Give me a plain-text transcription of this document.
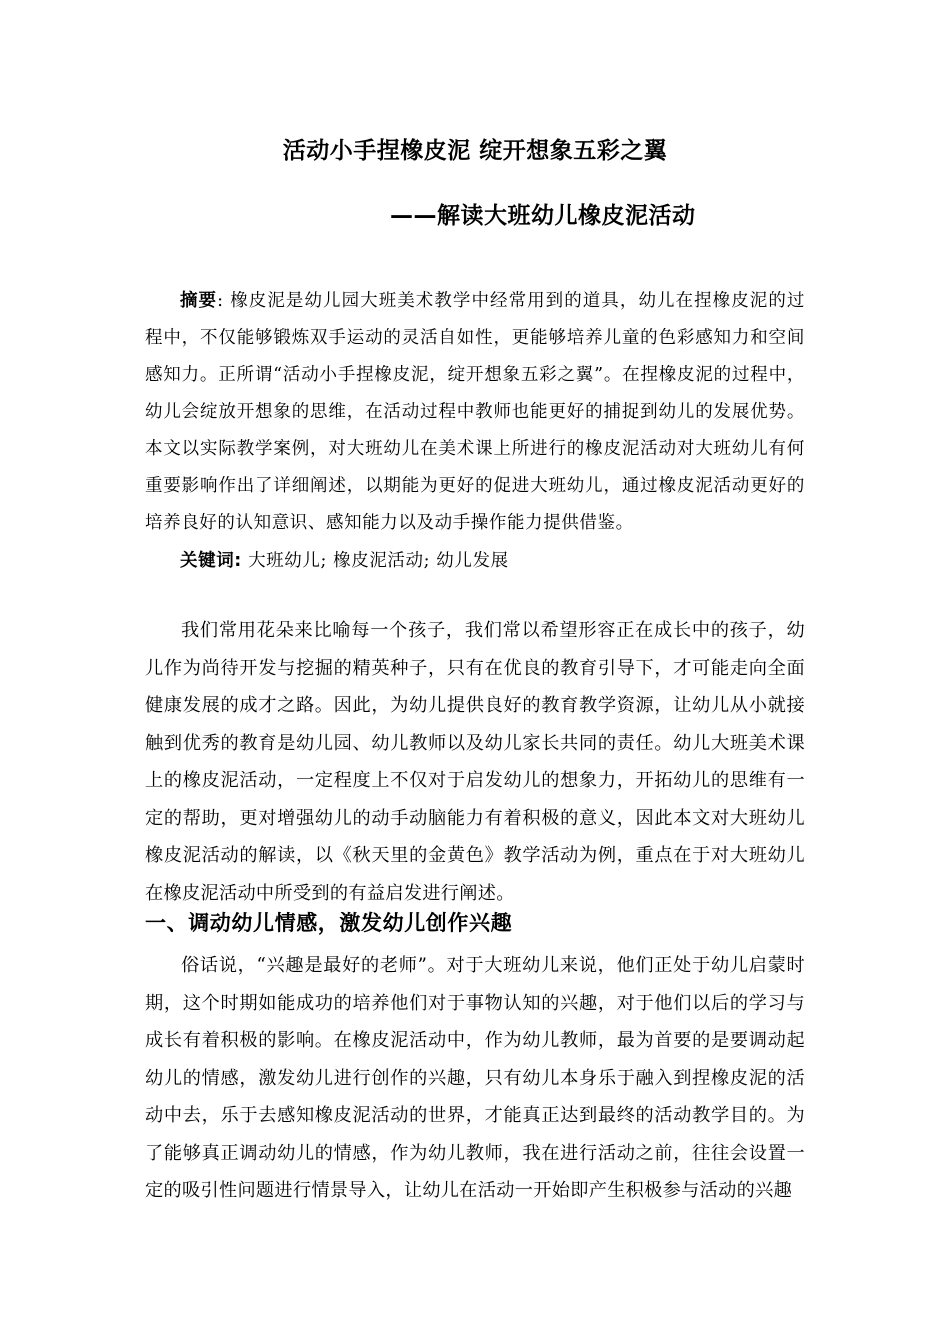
活动小手捏橡皮泥 绽开想象五彩之翼
——解读大班幼儿橡皮泥活动
摘要: 橡皮泥是幼儿园大班美术教学中经常用到的道具，幼儿在捏橡皮泥的过程中，不仅能够锻炼双手运动的灵活自如性，更能够培养儿童的色彩感知力和空间感知力。正所谓“活动小手捏橡皮泥，绽开想象五彩之翼”。在捏橡皮泥的过程中，幼儿会绽放开想象的思维，在活动过程中教师也能更好的捕捉到幼儿的发展优势。本文以实际教学案例，对大班幼儿在美术课上所进行的橡皮泥活动对大班幼儿有何重要影响作出了详细阐述，以期能为更好的促进大班幼儿，通过橡皮泥活动更好的培养良好的认知意识、感知能力以及动手操作能力提供借鉴。
关键词: 大班幼儿; 橡皮泥活动; 幼儿发展
我们常用花朵来比喻每一个孩子，我们常以希望形容正在成长中的孩子，幼儿作为尚待开发与挖掘的精英种子，只有在优良的教育引导下，才可能走向全面健康发展的成才之路。因此，为幼儿提供良好的教育教学资源，让幼儿从小就接触到优秀的教育是幼儿园、幼儿教师以及幼儿家长共同的责任。幼儿大班美术课上的橡皮泥活动，一定程度上不仅对于启发幼儿的想象力，开拓幼儿的思维有一定的帮助，更对增强幼儿的动手动脑能力有着积极的意义，因此本文对大班幼儿橡皮泥活动的解读，以《秋天里的金黄色》教学活动为例，重点在于对大班幼儿在橡皮泥活动中所受到的有益启发进行阐述。
一、调动幼儿情感，激发幼儿创作兴趣
俗话说，“兴趣是最好的老师”。对于大班幼儿来说，他们正处于幼儿启蒙时期，这个时期如能成功的培养他们对于事物认知的兴趣，对于他们以后的学习与成长有着积极的影响。在橡皮泥活动中，作为幼儿教师，最为首要的是要调动起幼儿的情感，激发幼儿进行创作的兴趣，只有幼儿本身乐于融入到捏橡皮泥的活动中去，乐于去感知橡皮泥活动的世界，才能真正达到最终的活动教学目的。为了能够真正调动幼儿的情感，作为幼儿教师，我在进行活动之前，往往会设置一定的吸引性问题进行情景导入，让幼儿在活动一开始即产生积极参与活动的兴趣
